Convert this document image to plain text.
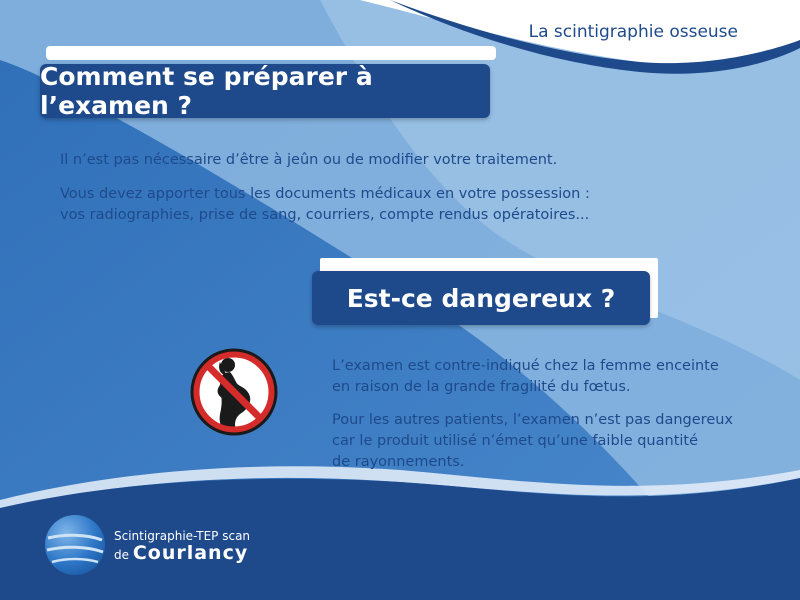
La scintigraphie osseuse
Comment se préparer à l’examen ?
Il n’est pas nécessaire d’être à jeûn ou de modifier votre traitement.
Vous devez apporter tous les documents médicaux en votre possession :
vos radiographies, prise de sang, courriers, compte rendus opératoires...
Est-ce dangereux ?
L’examen est contre-indiqué chez la femme enceinte
en raison de la grande fragilité du fœtus.
Pour les autres patients, l’examen n’est pas dangereux
car le produit utilisé n’émet qu’une faible quantité
de rayonnements.
Scintigraphie-TEP scan
de Courlancy
